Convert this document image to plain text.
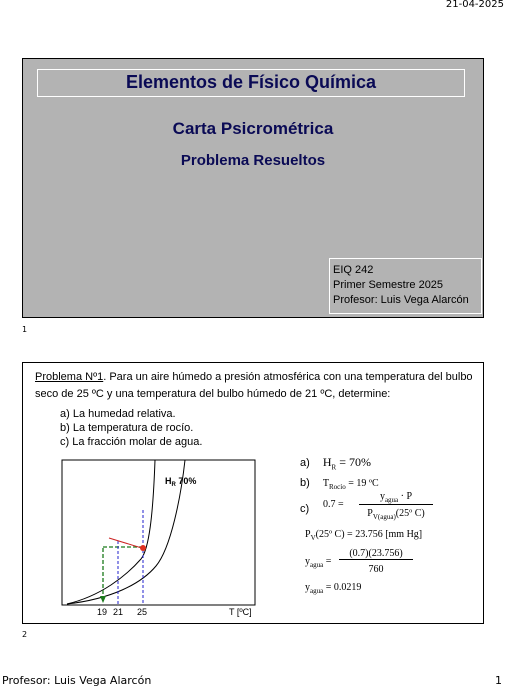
21-04-2025
Elementos de Físico Química
Carta Psicrométrica
Problema Resueltos
EIQ 242
Primer Semestre 2025
Profesor: Luis Vega Alarcón
1
Problema Nº1. Para un aire húmedo a presión atmosférica con una temperatura del bulbo seco de 25 ºC y una temperatura del bulbo húmedo de 21 ºC, determine:
a) La humedad relativa.
b) La temperatura de rocío.
c) La fracción molar de agua.
$H_R$ 70%
19 21 25	T [ºC]
a) $H_R = 70\%$
b) $T_{Rocío} = 19$ ºC
c) 0.7 =
$y_{agua} \cdot P$
$P_{V(agua)}(25º$ C)
$P_V(25º$ C) = 23.756 [mm Hg]
$y_{agua}$ =
(0.7)(23.756)
760
$y_{agua} = 0.0219$
2
Profesor: Luis Vega Alarcón	1
